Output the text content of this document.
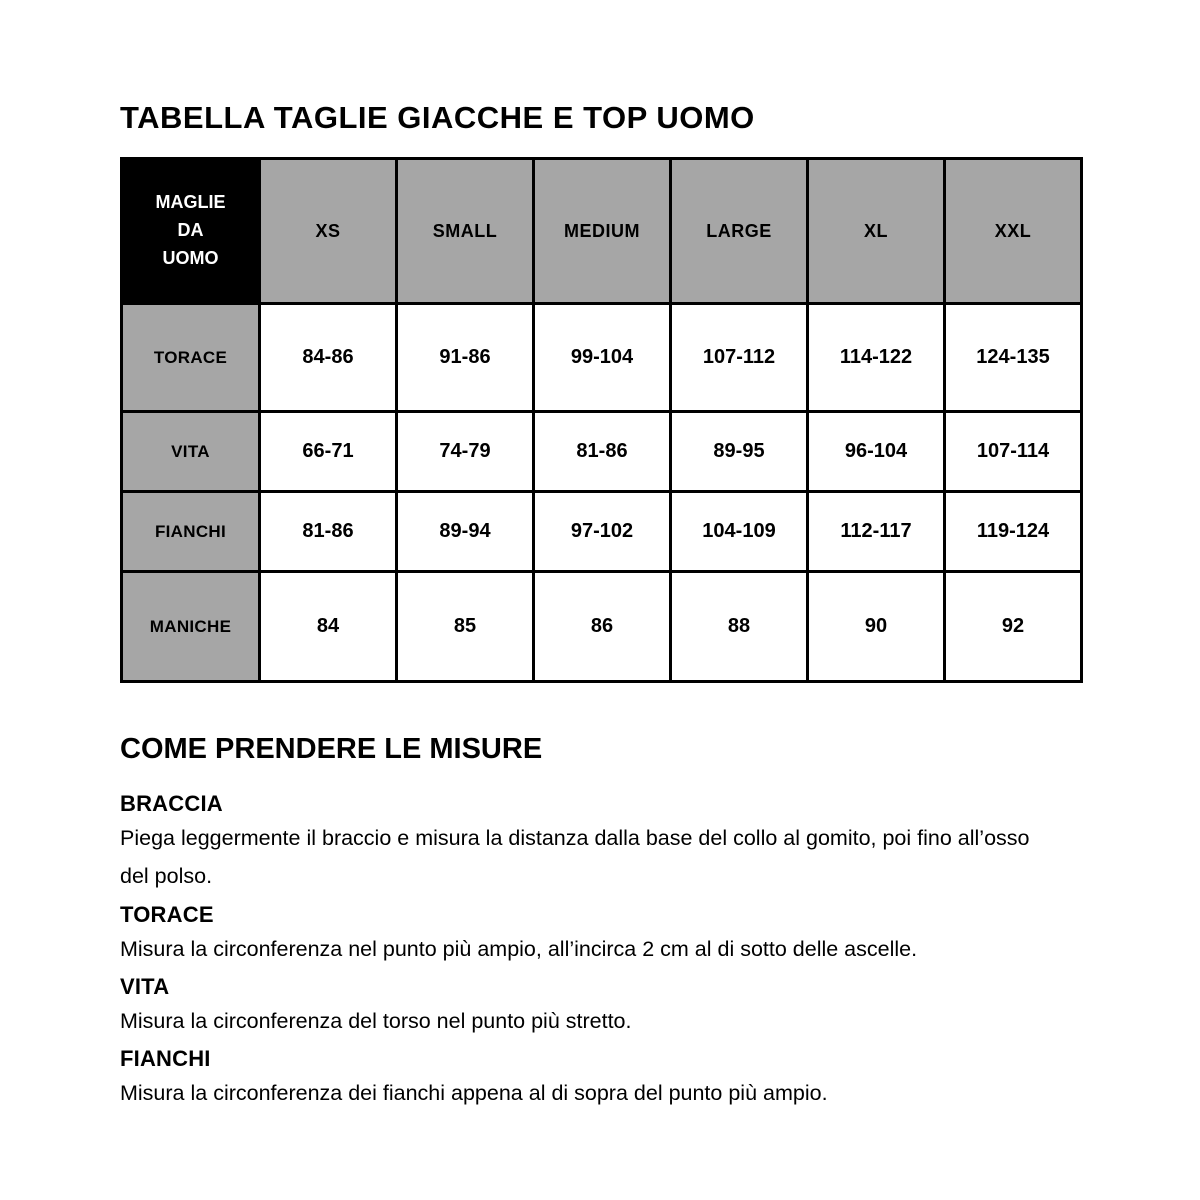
TABELLA TAGLIE GIACCHE E TOP UOMO
MAGLIE DA UOMO	XS	SMALL	MEDIUM	LARGE	XL	XXL
TORACE	84-86	91-86	99-104	107-112	114-122	124-135
VITA	66-71	74-79	81-86	89-95	96-104	107-114
FIANCHI	81-86	89-94	97-102	104-109	112-117	119-124
MANICHE	84	85	86	88	90	92
COME PRENDERE LE MISURE
BRACCIA

Piega leggermente il braccio e misura la distanza dalla base del collo al gomito, poi fino all’osso del polso.

TORACE

Misura la circonferenza nel punto più ampio, all’incirca 2 cm al di sotto delle ascelle.

VITA

Misura la circonferenza del torso nel punto più stretto.

FIANCHI

Misura la circonferenza dei fianchi appena al di sopra del punto più ampio.
